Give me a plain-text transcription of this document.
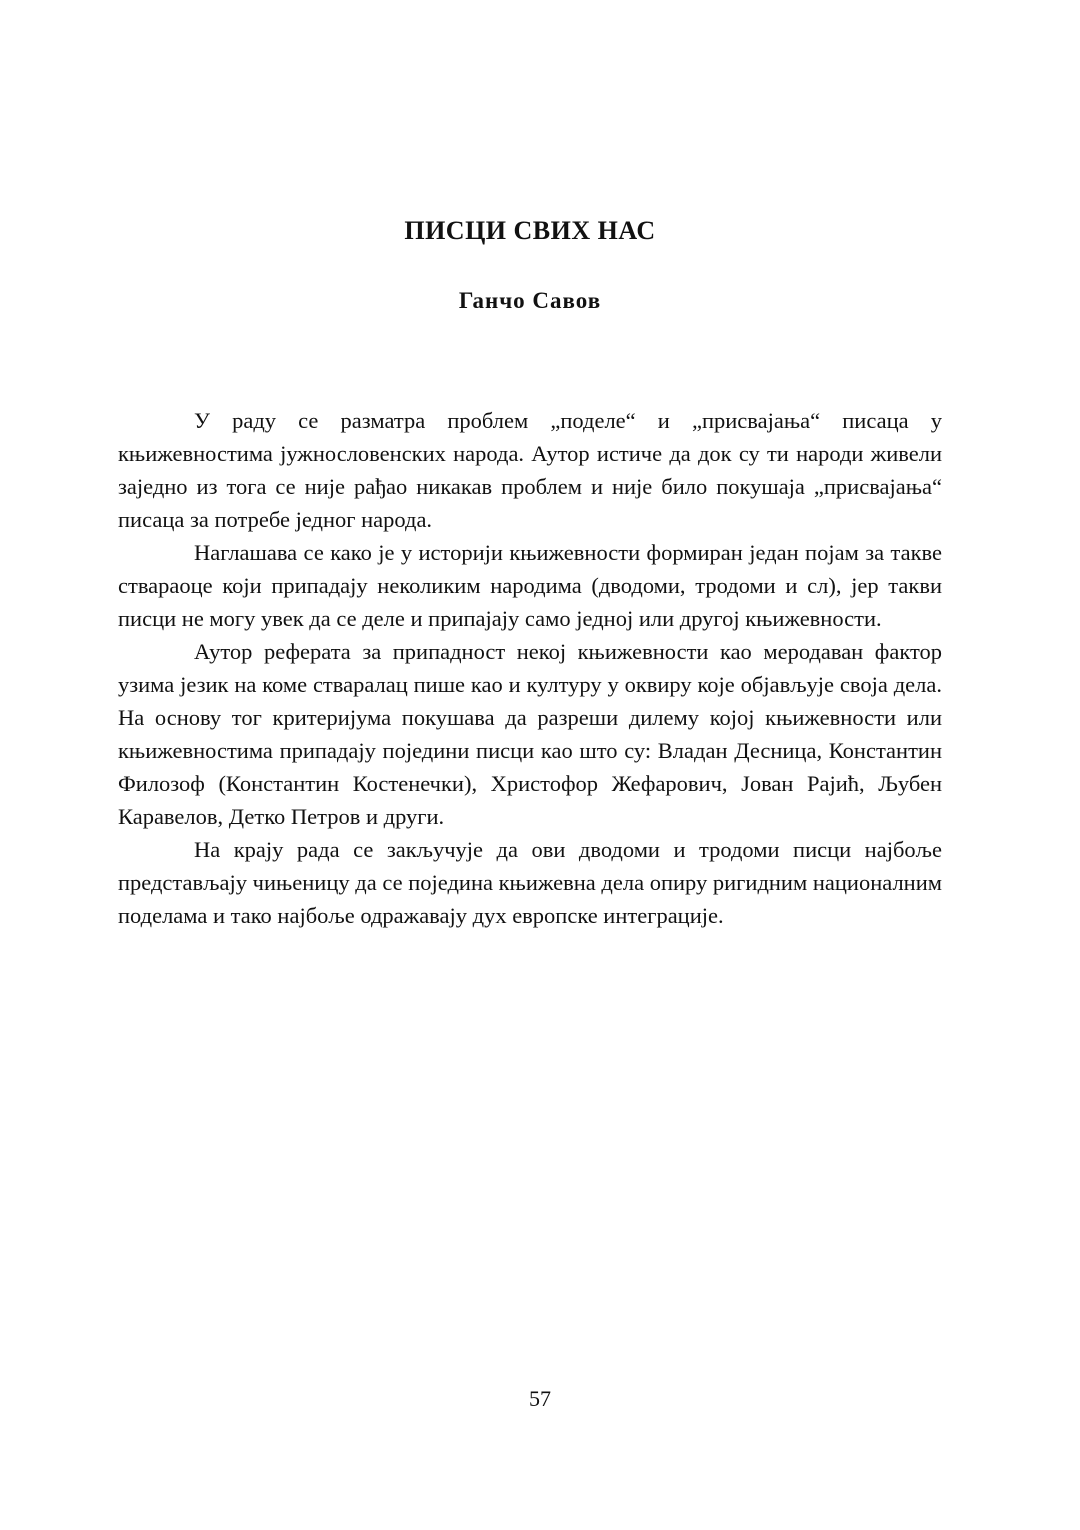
ПИСЦИ СВИХ НАС
Ганчо Савов

У раду се разматра проблем „поделе“ и „присвајања“ писаца у књижевностима јужнословенских народа. Аутор истиче да док су ти народи живели заједно из тога се није рађао никакав проблем и није било покушаја „присвајања“ писаца за потребе једног народа.

Наглашава се како је у историји књижевности формиран један појам за такве ствараоце који припадају неколиким народима (дводоми, тродоми и сл), јер такви писци не могу увек да се деле и припајају само једној или другој књижевности.

Аутор реферата за припадност некој књижевности као меродаван фактор узима језик на коме стваралац пише као и културу у оквиру које објављује своја дела. На основу тог критеријума покушава да разреши дилему којој књижевности или књижевностима припадају поједини писци као што су: Владан Десница, Константин Филозоф (Константин Костенечки), Христофор Жефарович, Јован Рајић, Љубен Каравелов, Детко Петров и други.

На крају рада се закључује да ови дводоми и тродоми писци најбоље представљају чињеницу да се поједина књижевна дела опиру ригидним националним поделама и тако најбоље одражавају дух европске интеграције.

57
